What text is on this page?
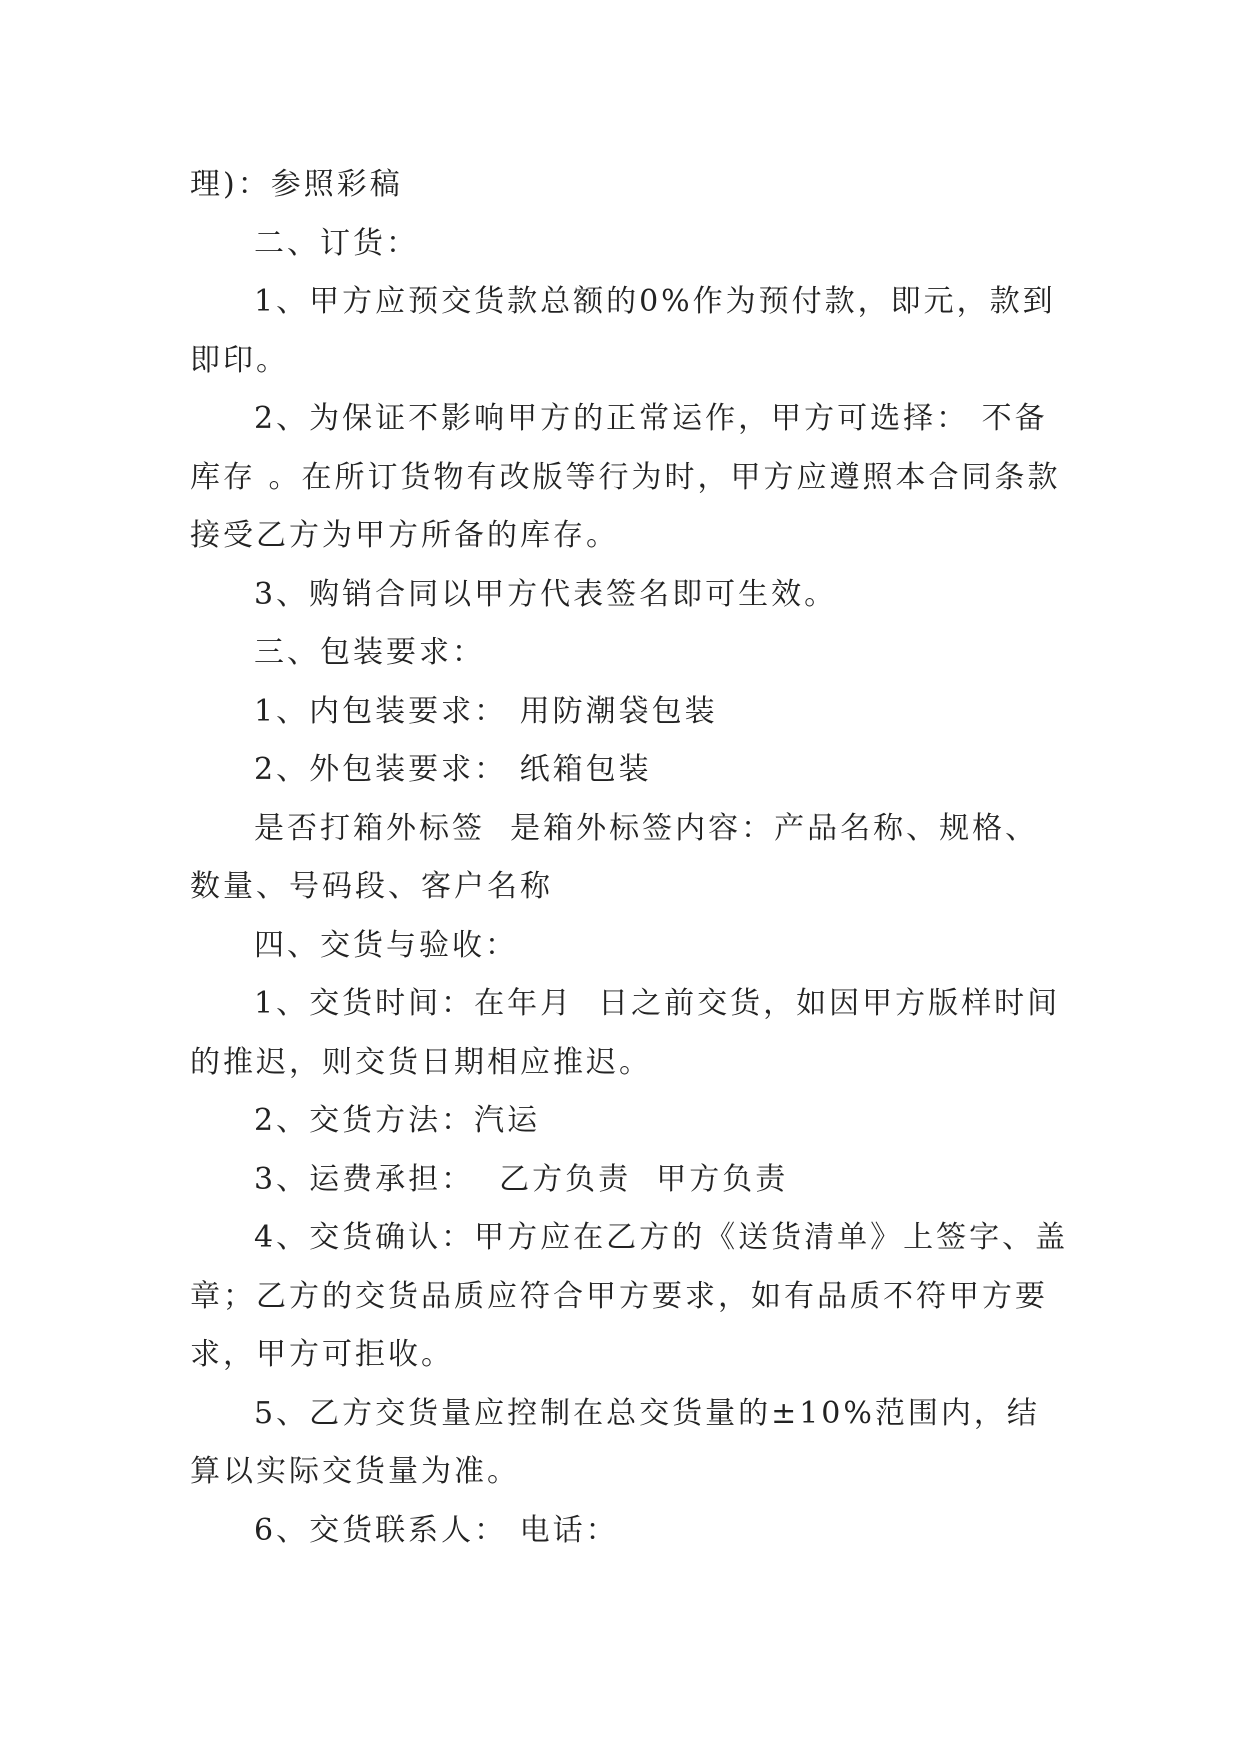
理)：参照彩稿

二、订货：

1、甲方应预交货款总额的0%作为预付款，即元，款到即印。

2、为保证不影响甲方的正常运作，甲方可选择： 不备库存 。在所订货物有改版等行为时，甲方应遵照本合同条款接受乙方为甲方所备的库存。

3、购销合同以甲方代表签名即可生效。

三、包装要求：

1、内包装要求： 用防潮袋包装

2、外包装要求： 纸箱包装

是否打箱外标签  是箱外标签内容：产品名称、规格、数量、号码段、客户名称

四、交货与验收：

1、交货时间：在年月  日之前交货，如因甲方版样时间的推迟，则交货日期相应推迟。

2、交货方法：汽运

3、运费承担：  乙方负责  甲方负责

4、交货确认：甲方应在乙方的《送货清单》上签字、盖章；乙方的交货品质应符合甲方要求，如有品质不符甲方要求，甲方可拒收。

5、乙方交货量应控制在总交货量的±10%范围内，结算以实际交货量为准。

6、交货联系人： 电话：
